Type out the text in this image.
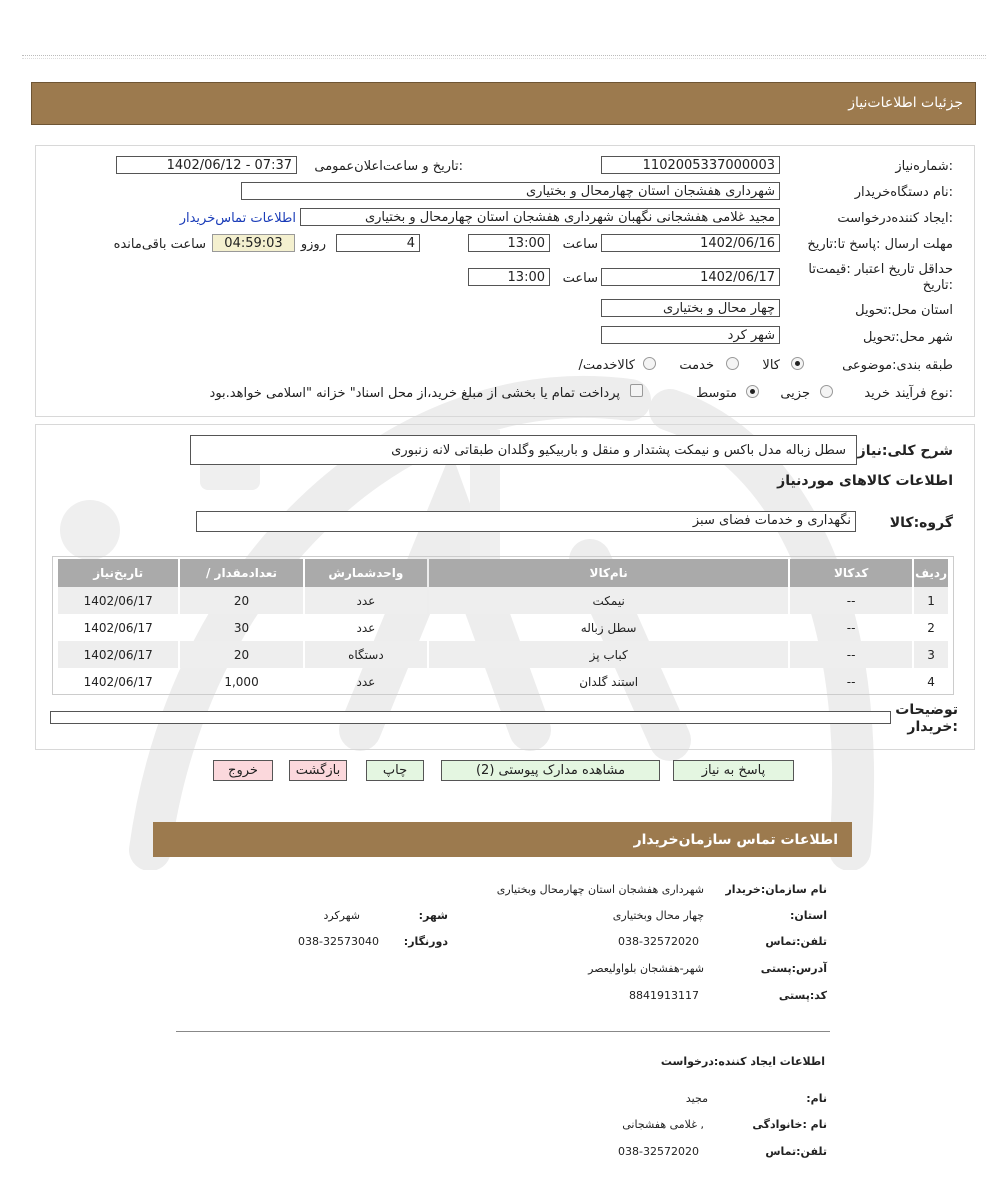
جزئیات اطلاعات‌نیاز
شماره‌نیاز:
1102005337000003
تاریخ و ساعت‌اعلان‌عمومی:
1402/06/12 - 07:37
نام دستگاه‌خریدار:
شهرداری هفشجان استان چهارمحال و بختیاری
ایجاد کننده‌درخواست:
مجید غلامی هفشجانی نگهبان شهرداری هفشجان استان چهارمحال و بختیاری
اطلاعات تماس‌خریدار
مهلت ارسال :پاسخ تا:تاریخ
1402/06/16
ساعت
13:00
4
روزو
04:59:03
ساعت باقی‌مانده
حداقل تاریخ اعتبار :قیمت‌تا :تاریخ
1402/06/17
ساعت
13:00
استان محل:تحویل
چهار محال و بختیاری
شهر محل:تحویل
شهر کرد
طبقه بندی:موضوعی
کالا
خدمت
/کالاخدمت
نوع فرآیند:
خرید
جزیی
متوسط
پرداخت تمام یا بخشی از مبلغ خرید،از محل اسناد" خزانه "اسلامی خواهد.بود
شرح کلی:نیاز
سطل زباله مدل باکس و نیمکت پشتدار و منقل و باربیکیو وگلدان طبقاتی لانه زنبوری
اطلاعات کالاهای موردنیاز
گروه:کالا
نگهداری و خدمات فضای سبز
تاریخ‌نیاز	/ تعدادمقدار	واحدشمارش	نام‌کالا	کدکالا	ردیف
1402/06/17	20	عدد	نیمکت	--	1
1402/06/17	30	عدد	سطل زباله	--	2
1402/06/17	20	دستگاه	کباب پز	--	3
1402/06/17	1,000	عدد	استند گلدان	--	4
توضیحات :خریدار
پاسخ به نیاز
مشاهده مدارک پیوستی (2)
چاپ
بازگشت
خروج
اطلاعات تماس سازمان‌خریدار
نام سازمان:خریدار
شهرداری هفشجان استان چهارمحال وبختیاری
:استان
چهار محال وبختیاری
:شهر
شهرکرد
تلفن:تماس
038-32572020
:دورنگار
038-32573040
آدرس:پستی
شهر-هفشجان بلواولیعصر
کد:پستی
8841913117
اطلاعات ایجاد کننده:درخواست
:نام
مجید
نام :خانوادگی
غلامی هفشجانی ,
تلفن:تماس
038-32572020
